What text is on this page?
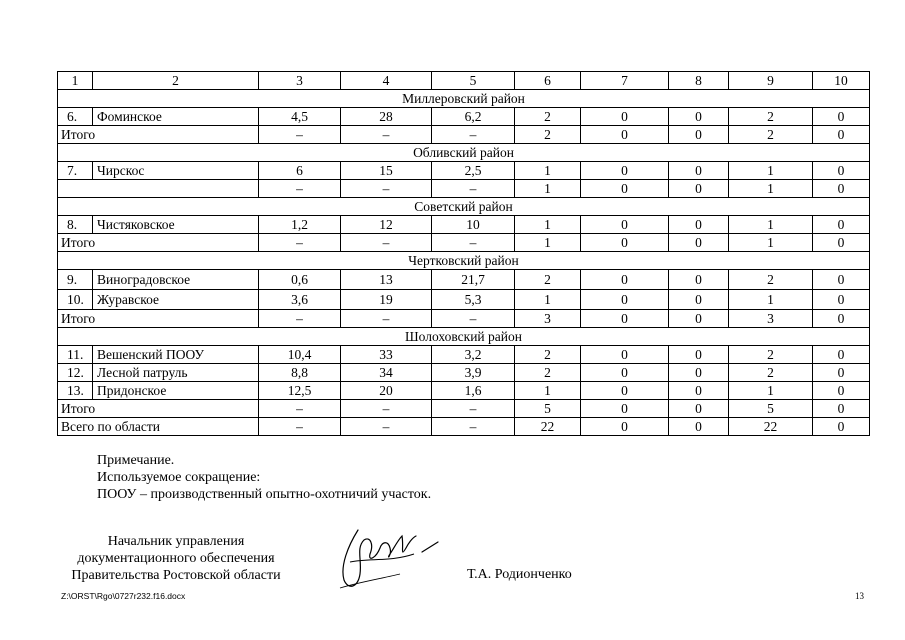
1	2	3	4	5	6	7	8	9	10
Миллеровский район									
6.	Фоминское	4,5	28	6,2	2	0	0	2	0
Итого		–	–	–	2	0	0	2	0
Обливский район									
7.	Чирскоc	6	15	2,5	1	0	0	1	0
		–	–	–	1	0	0	1	0
Советский район									
8.	Чистяковское	1,2	12	10	1	0	0	1	0
Итого		–	–	–	1	0	0	1	0
Чертковский район									
9.	Виноградовское	0,6	13	21,7	2	0	0	2	0
10.	Журавское	3,6	19	5,3	1	0	0	1	0
Итого		–	–	–	3	0	0	3	0
Шолоховский район									
11.	Вешенский ПООУ	10,4	33	3,2	2	0	0	2	0
12.	Лесной патруль	8,8	34	3,9	2	0	0	2	0
13.	Придонское	12,5	20	1,6	1	0	0	1	0
Итого		–	–	–	5	0	0	5	0
Всего по области		–	–	–	22	0	0	22	0
Примечание.
Используемое сокращение:
ПООУ – производственный опытно-охотничий участок.
Начальник управления
документационного обеспечения
Правительства Ростовской области	Т.А. Родионченко
Z:\ORST\Rgo\0727r232.f16.docx	13
